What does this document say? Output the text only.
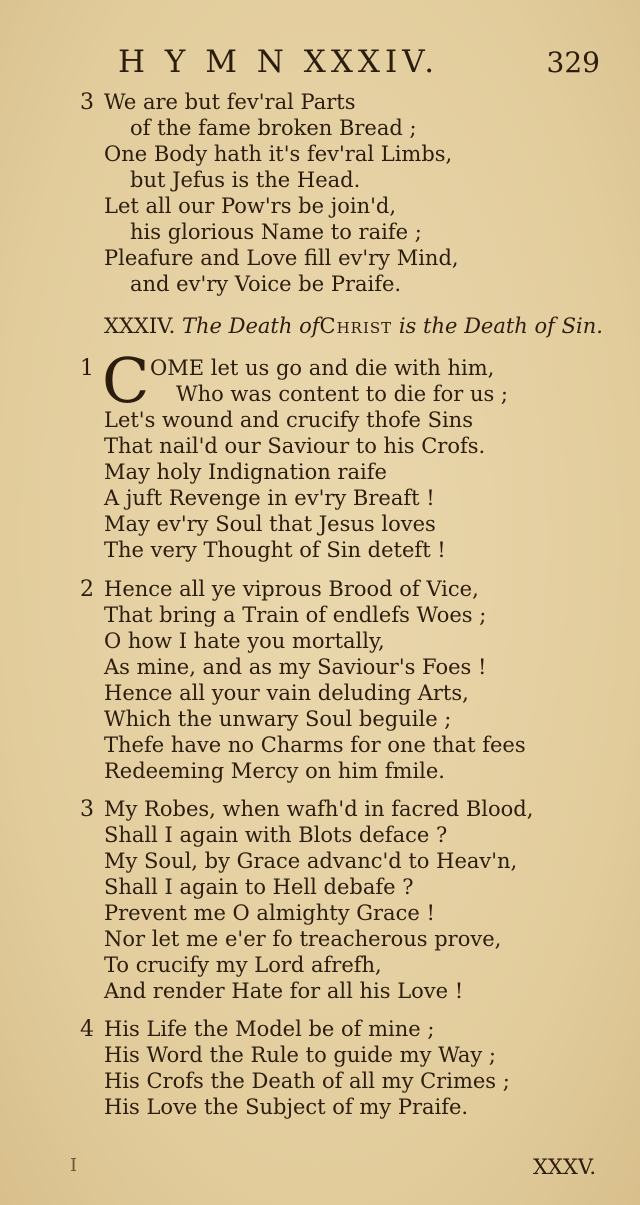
H Y M N XXXIV.	329
3 We are but fev'ral Parts
of the fame broken Bread ;
One Body hath it's fev'ral Limbs,
but Jefus is the Head.
Let all our Pow'rs be join'd,
his glorious Name to raife ;
Pleafure and Love fill ev'ry Mind,
and ev'ry Voice be Praife.
XXXIV. The Death ofChrist is the Death of Sin.
1 C OME let us go and die with him,
Who was content to die for us ;
Let's wound and crucify thofe Sins
That nail'd our Saviour to his Crofs.
May holy Indignation raife
A juft Revenge in ev'ry Breaft !
May ev'ry Soul that Jesus loves
The very Thought of Sin deteft !
2 Hence all ye viprous Brood of Vice,
That bring a Train of endlefs Woes ;
O how I hate you mortally,
As mine, and as my Saviour's Foes !
Hence all your vain deluding Arts,
Which the unwary Soul beguile ;
Thefe have no Charms for one that fees
Redeeming Mercy on him fmile.
3 My Robes, when wafh'd in facred Blood,
Shall I again with Blots deface ?
My Soul, by Grace advanc'd to Heav'n,
Shall I again to Hell debafe ?
Prevent me O almighty Grace !
Nor let me e'er fo treacherous prove,
To crucify my Lord afrefh,
And render Hate for all his Love !
4 His Life the Model be of mine ;
His Word the Rule to guide my Way ;
His Crofs the Death of all my Crimes ;
His Love the Subject of my Praife.
I	XXXV.
